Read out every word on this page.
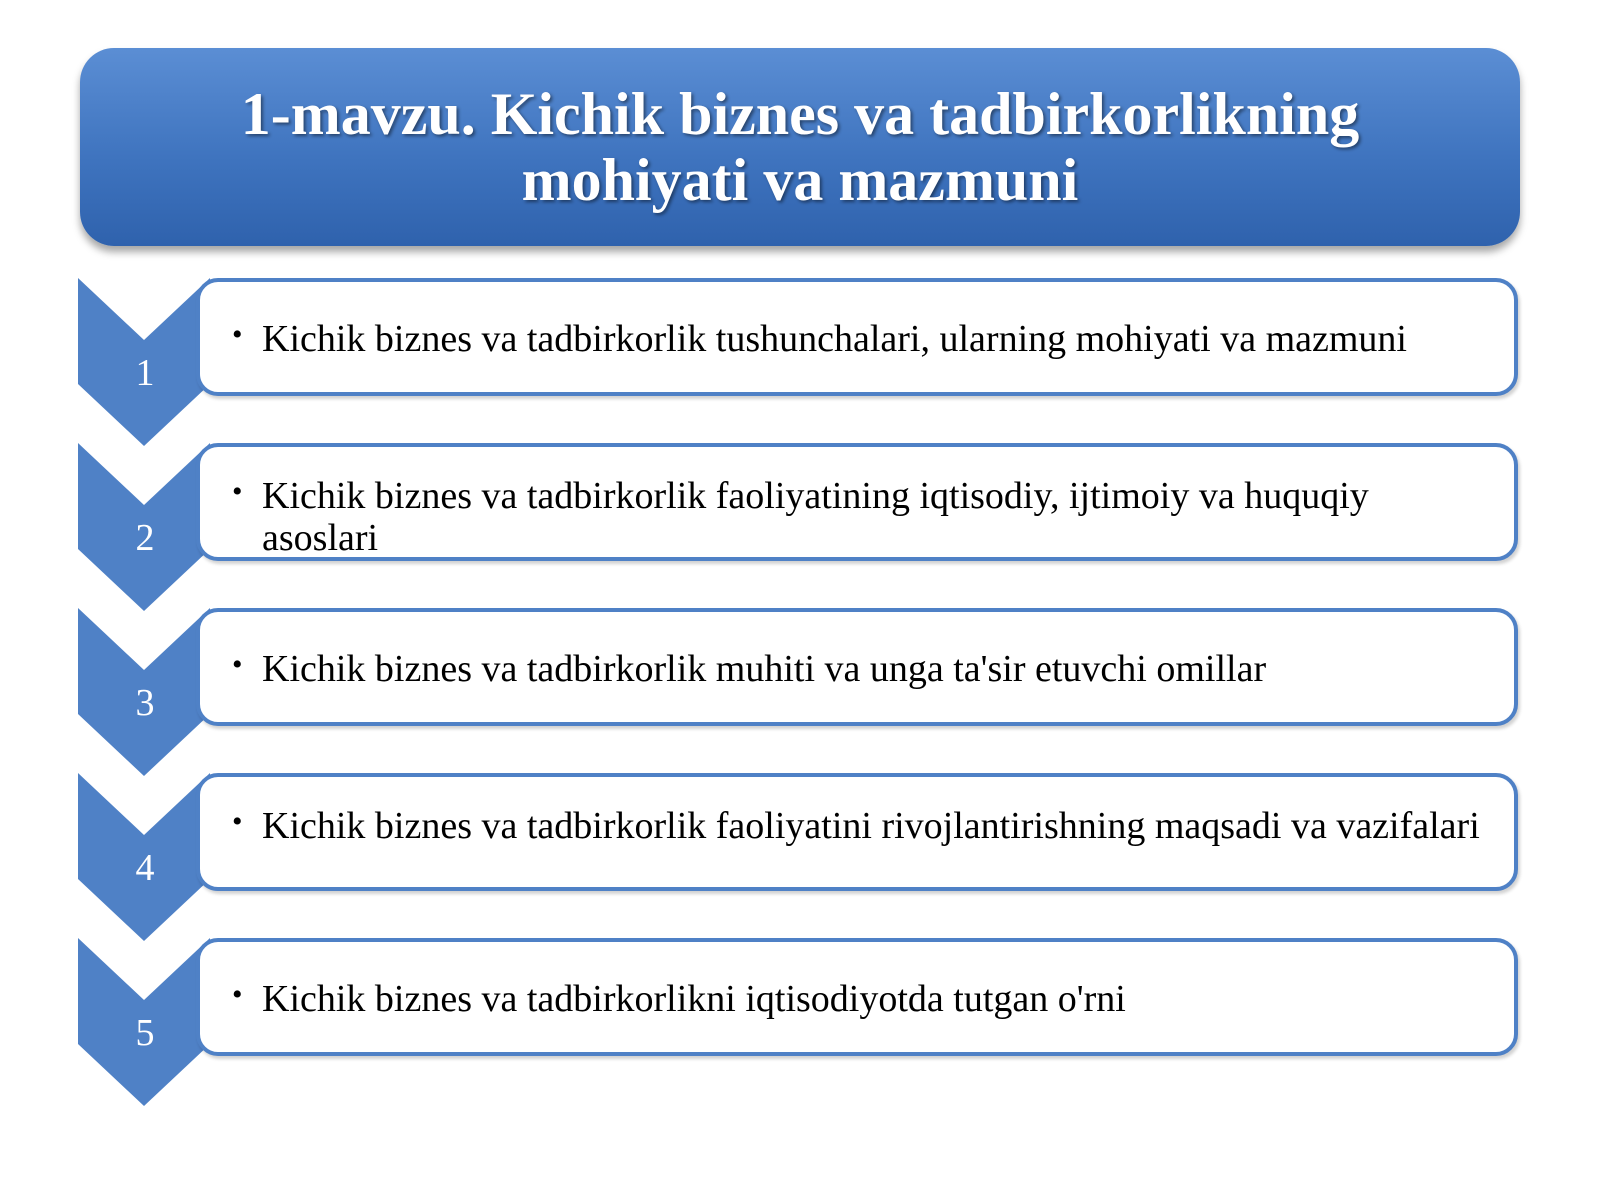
1-mavzu. Kichik biznes va tadbirkorlikning
mohiyati va mazmuni
• Kichik biznes va tadbirkorlik tushunchalari, ularning mohiyati va mazmuni
• Kichik biznes va tadbirkorlik faoliyatining iqtisodiy, ijtimoiy va huquqiy asoslari
• Kichik biznes va tadbirkorlik muhiti va unga ta'sir etuvchi omillar
• Kichik biznes va tadbirkorlik faoliyatini rivojlantirishning maqsadi va vazifalari
• Kichik biznes va tadbirkorlikni iqtisodiyotda tutgan o'rni
1
2
3
4
5
